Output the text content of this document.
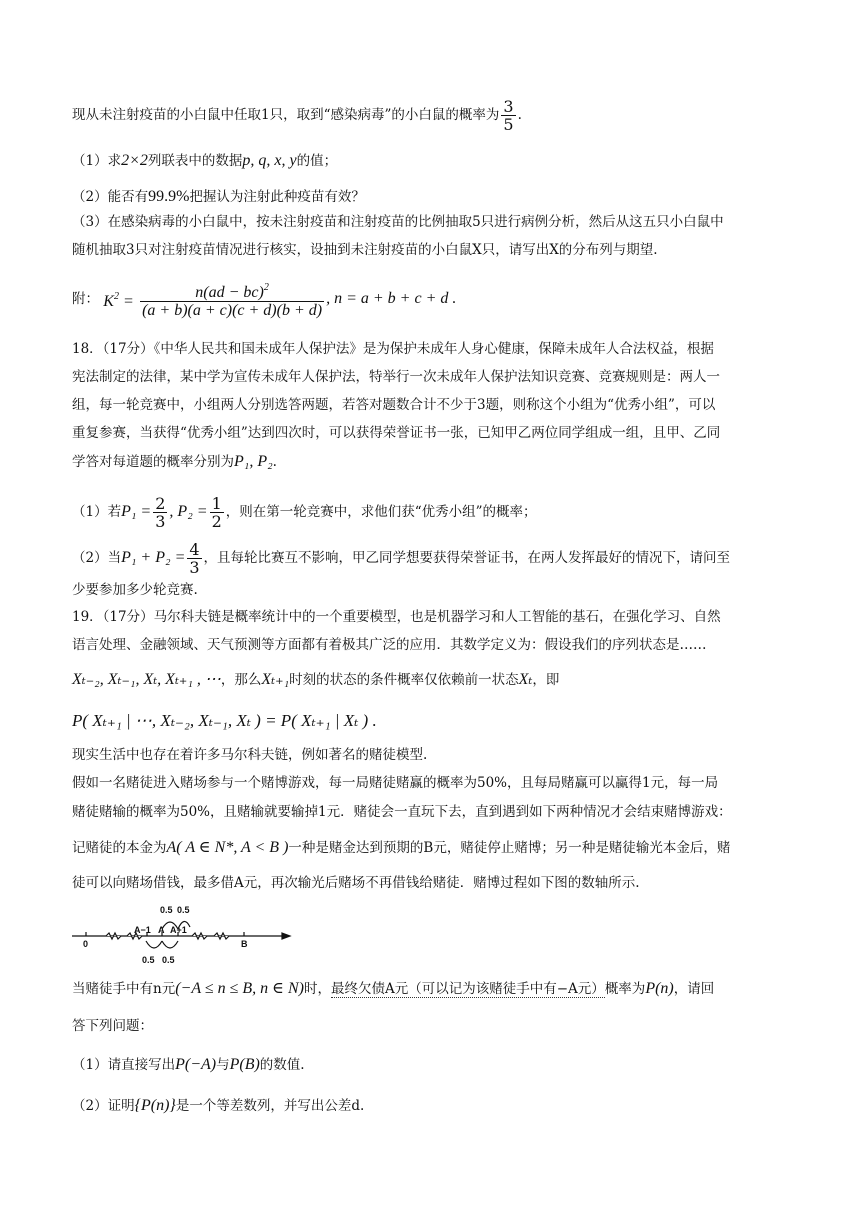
现从未注射疫苗的小白鼠中任取1只，取到“感染病毒”的小白鼠的概率为 $\frac{3}{5}$ .
（1）求2×2列联表中的数据p, q, x, y的值；
（2）能否有99.9%把握认为注射此种疫苗有效？
（3）在感染病毒的小白鼠中，按未注射疫苗和注射疫苗的比例抽取5只进行病例分析，然后从这五只小白鼠中
随机抽取3只对注射疫苗情况进行核实，设抽到未注射疫苗的小白鼠X只，请写出X的分布列与期望.
附： $K^2 = \frac{n(ad - bc)^2}{(a + b)(a + c)(c + d)(b + d)}$ , n = a + b + c + d .
18．（17分）《中华人民共和国未成年人保护法》是为保护未成年人身心健康，保障未成年人合法权益，根据
宪法制定的法律，某中学为宣传未成年人保护法，特举行一次未成年人保护法知识竞赛、竞赛规则是：两人一
组，每一轮竞赛中，小组两人分别选答两题，若答对题数合计不少于3题，则称这个小组为“优秀小组”，可以
重复参赛，当获得“优秀小组”达到四次时，可以获得荣誉证书一张，已知甲乙两位同学组成一组，且甲、乙同
学答对每道题的概率分别为P₁, P₂.
（1）若$P_1 = \frac{2}{3}$ , $P_2 = \frac{1}{2}$ ，则在第一轮竞赛中，求他们获“优秀小组”的概率；
（2）当$P_1 + P_2 = \frac{4}{3}$ ，且每轮比赛互不影响，甲乙同学想要获得荣誉证书，在两人发挥最好的情况下，请问至
少要参加多少轮竞赛.
19．（17分）马尔科夫链是概率统计中的一个重要模型，也是机器学习和人工智能的基石，在强化学习、自然
语言处理、金融领域、天气预测等方面都有着极其广泛的应用．其数学定义为：假设我们的序列状态是……
Xₜ₋₂, Xₜ₋₁, Xₜ, Xₜ₊₁ , ⋯，那么Xₜ₊₁时刻的状态的条件概率仅依赖前一状态Xₜ，即
P( Xₜ₊₁ | ⋯, Xₜ₋₂, Xₜ₋₁, Xₜ ) = P( Xₜ₊₁ | Xₜ ) .
现实生活中也存在着许多马尔科夫链，例如著名的赌徒模型.
假如一名赌徒进入赌场参与一个赌博游戏，每一局赌徒赌赢的概率为50%，且每局赌赢可以赢得1元，每一局
赌徒赌输的概率为50%，且赌输就要输掉1元．赌徒会一直玩下去，直到遇到如下两种情况才会结束赌博游戏：
记赌徒的本金为A( A ∈ N*, A < B )一种是赌金达到预期的B元，赌徒停止赌博；另一种是赌徒输光本金后，赌
徒可以向赌场借钱，最多借A元，再次输光后赌场不再借钱给赌徒．赌博过程如下图的数轴所示.
0
A−1 A A+1
B
0.5 0.5
0.5 0.5
当赌徒手中有n元(−A ≤ n ≤ B, n ∈ N)时，最终欠债A元（可以记为该赌徒手中有−A元）概率为P(n)，请回
答下列问题：
（1）请直接写出P(−A)与P(B)的数值.
（2）证明{P(n)}是一个等差数列，并写出公差d.
